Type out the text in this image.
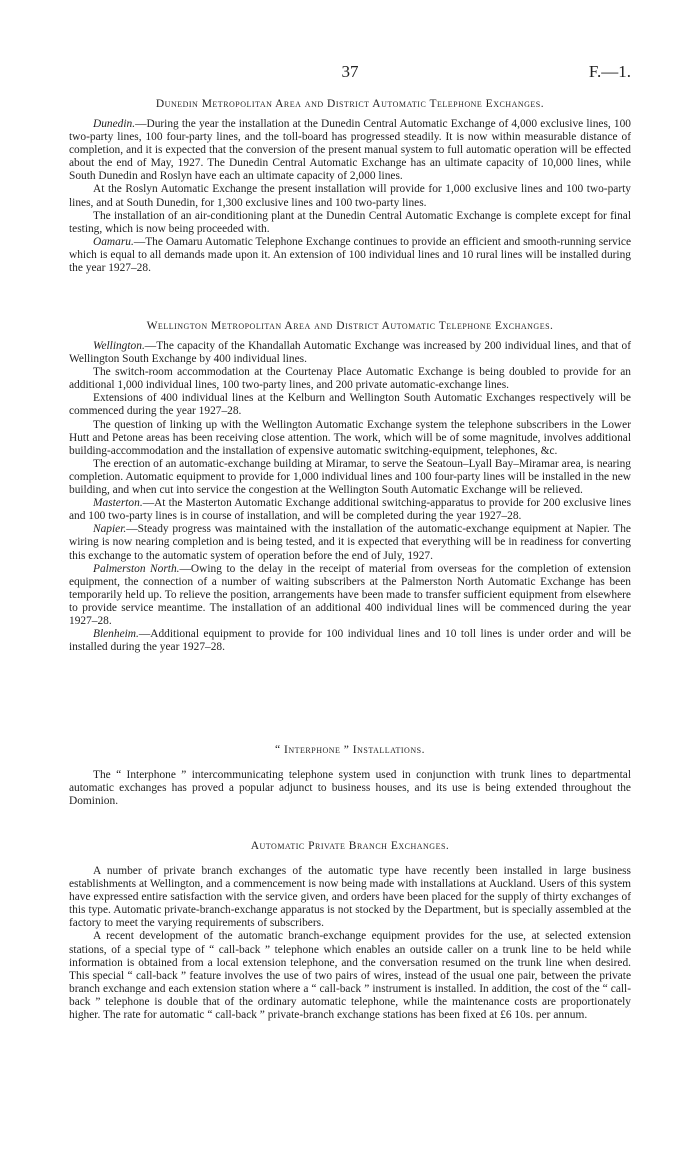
37	F.—1.
Dunedin Metropolitan Area and District Automatic Telephone Exchanges.

Dunedin.—During the year the installation at the Dunedin Central Automatic Exchange of 4,000 exclusive lines, 100 two-party lines, 100 four-party lines, and the toll-board has progressed steadily. It is now within measurable distance of completion, and it is expected that the conversion of the present manual system to full automatic operation will be effected about the end of May, 1927. The Dunedin Central Automatic Exchange has an ultimate capacity of 10,000 lines, while South Dunedin and Roslyn have each an ultimate capacity of 2,000 lines.

At the Roslyn Automatic Exchange the present installation will provide for 1,000 exclusive lines and 100 two-party lines, and at South Dunedin, for 1,300 exclusive lines and 100 two-party lines.

The installation of an air-conditioning plant at the Dunedin Central Automatic Exchange is complete except for final testing, which is now being proceeded with.

Oamaru.—The Oamaru Automatic Telephone Exchange continues to provide an efficient and smooth-running service which is equal to all demands made upon it. An extension of 100 individual lines and 10 rural lines will be installed during the year 1927–28.

Wellington Metropolitan Area and District Automatic Telephone Exchanges.

Wellington.—The capacity of the Khandallah Automatic Exchange was increased by 200 individual lines, and that of Wellington South Exchange by 400 individual lines.

The switch-room accommodation at the Courtenay Place Automatic Exchange is being doubled to provide for an additional 1,000 individual lines, 100 two-party lines, and 200 private automatic-exchange lines.

Extensions of 400 individual lines at the Kelburn and Wellington South Automatic Exchanges respectively will be commenced during the year 1927–28.

The question of linking up with the Wellington Automatic Exchange system the telephone subscribers in the Lower Hutt and Petone areas has been receiving close attention. The work, which will be of some magnitude, involves additional building-accommodation and the installation of expensive automatic switching-equipment, telephones, &c.

The erection of an automatic-exchange building at Miramar, to serve the Seatoun–Lyall Bay–Miramar area, is nearing completion. Automatic equipment to provide for 1,000 individual lines and 100 four-party lines will be installed in the new building, and when cut into service the congestion at the Wellington South Automatic Exchange will be relieved.

Masterton.—At the Masterton Automatic Exchange additional switching-apparatus to provide for 200 exclusive lines and 100 two-party lines is in course of installation, and will be completed during the year 1927–28.

Napier.—Steady progress was maintained with the installation of the automatic-exchange equipment at Napier. The wiring is now nearing completion and is being tested, and it is expected that everything will be in readiness for converting this exchange to the automatic system of operation before the end of July, 1927.

Palmerston North.—Owing to the delay in the receipt of material from overseas for the completion of extension equipment, the connection of a number of waiting subscribers at the Palmerston North Automatic Exchange has been temporarily held up. To relieve the position, arrangements have been made to transfer sufficient equipment from elsewhere to provide service meantime. The installation of an additional 400 individual lines will be commenced during the year 1927–28.

Blenheim.—Additional equipment to provide for 100 individual lines and 10 toll lines is under order and will be installed during the year 1927–28.

“ Interphone ” Installations.

The “ Interphone ” intercommunicating telephone system used in conjunction with trunk lines to departmental automatic exchanges has proved a popular adjunct to business houses, and its use is being extended throughout the Dominion.

Automatic Private Branch Exchanges.

A number of private branch exchanges of the automatic type have recently been installed in large business establishments at Wellington, and a commencement is now being made with installations at Auckland. Users of this system have expressed entire satisfaction with the service given, and orders have been placed for the supply of thirty exchanges of this type. Automatic private-branch-exchange apparatus is not stocked by the Department, but is specially assembled at the factory to meet the varying requirements of subscribers.

A recent development of the automatic branch-exchange equipment provides for the use, at selected extension stations, of a special type of “ call-back ” telephone which enables an outside caller on a trunk line to be held while information is obtained from a local extension telephone, and the conversation resumed on the trunk line when desired. This special “ call-back ” feature involves the use of two pairs of wires, instead of the usual one pair, between the private branch exchange and each extension station where a “ call-back ” instrument is installed. In addition, the cost of the “ call-back ” telephone is double that of the ordinary automatic telephone, while the maintenance costs are proportionately higher. The rate for automatic “ call-back ” private-branch exchange stations has been fixed at £6 10s. per annum.
